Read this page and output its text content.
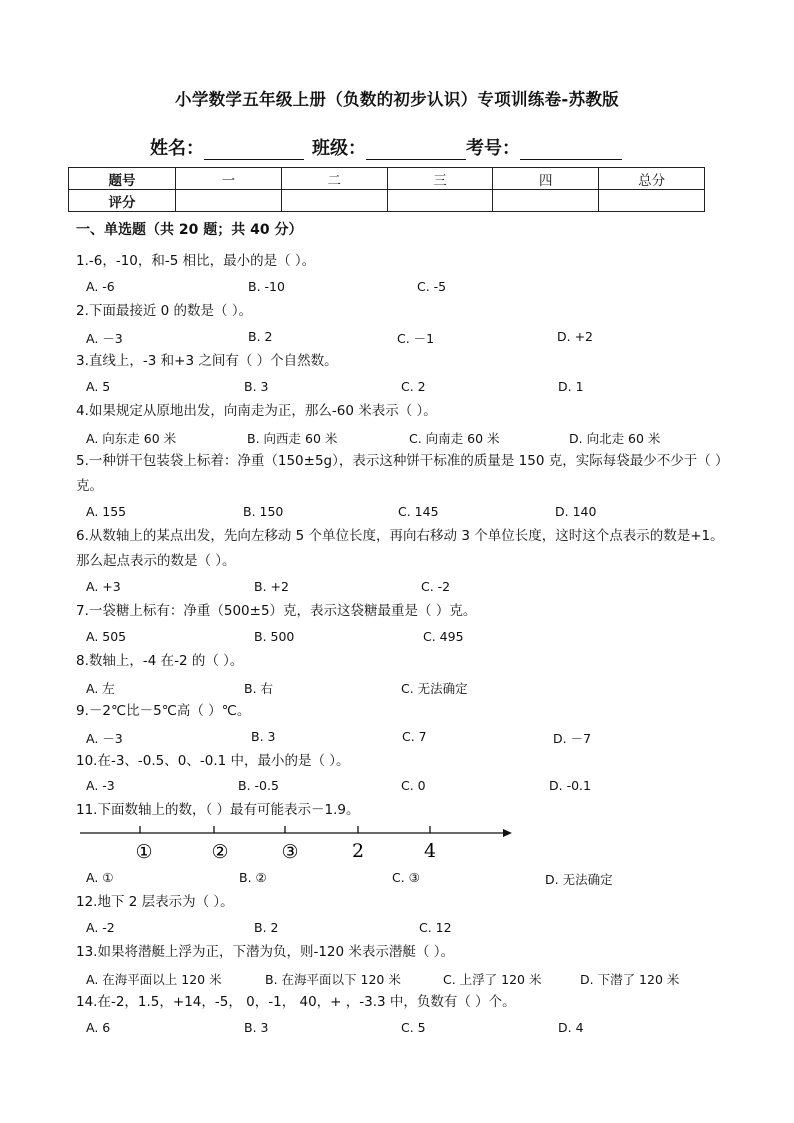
小学数学五年级上册（负数的初步认识）专项训练卷-苏教版
姓名：	班级：	考号：
题号	一	二	三	四	总分
评分					
一、单选题（共 20 题；共 40 分）
1.-6，-10，和-5 相比，最小的是（ ）。
A. -6	B. -10	C. -5
2.下面最接近 0 的数是（ ）。
A. －3	B. 2	C. －1	D. +2
3.直线上，-3 和+3 之间有（ ）个自然数。
A. 5	B. 3	C. 2	D. 1
4.如果规定从原地出发，向南走为正，那么-60 米表示（ ）。
A. 向东走 60 米	B. 向西走 60 米	C. 向南走 60 米	D. 向北走 60 米
5.一种饼干包装袋上标着：净重（150±5g），表示这种饼干标准的质量是 150 克，实际每袋最少不少于（ ）克。
A. 155	B. 150	C. 145	D. 140
6.从数轴上的某点出发，先向左移动 5 个单位长度，再向右移动 3 个单位长度，这时这个点表示的数是+1。那么起点表示的数是（ ）。
A. +3	B. +2	C. -2
7.一袋糖上标有：净重（500±5）克，表示这袋糖最重是（ ）克。
A. 505	B. 500	C. 495
8.数轴上，-4 在-2 的（ ）。
A. 左	B. 右	C. 无法确定
9.－2℃比－5℃高（ ）℃。
A. －3	B. 3	C. 7	D. －7
10.在-3、-0.5、0、-0.1 中，最小的是（ ）。
A. -3	B. -0.5	C. 0	D. -0.1
11.下面数轴上的数，（ ）最有可能表示－1.9。
①	②	③	2	4
A. ①	B. ②	C. ③	D. 无法确定
12.地下 2 层表示为（ ）。
A. -2	B. 2	C. 12
13.如果将潜艇上浮为正，下潜为负，则-120 米表示潜艇（ ）。
A. 在海平面以上 120 米	B. 在海平面以下 120 米	C. 上浮了 120 米	D. 下潜了 120 米
14.在-2，1.5，+14，-5， 0，-1， 40，+ ，-3.3 中，负数有（ ）个。
A. 6	B. 3	C. 5	D. 4
